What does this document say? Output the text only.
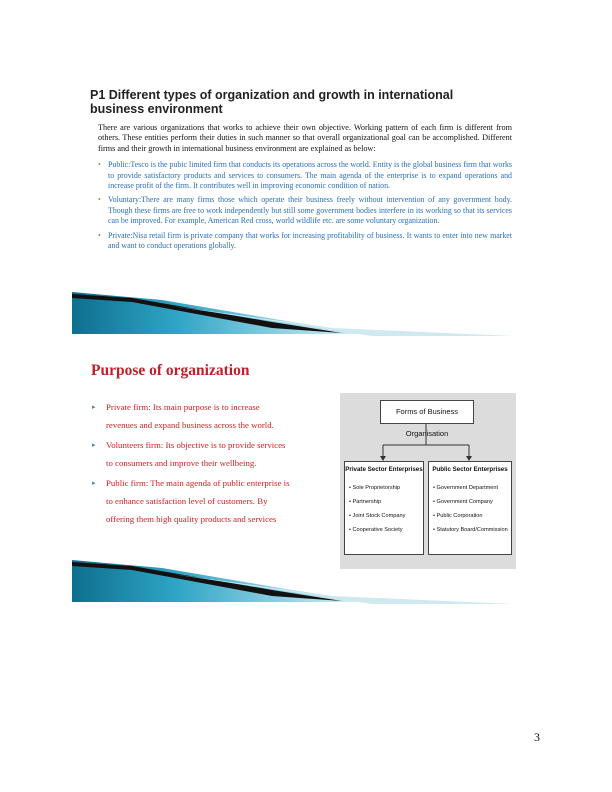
P1 Different types of organization and growth in international business environment

There are various organizations that works to achieve their own objective. Working pattern of each firm is different from others. These entities perform their duties in such manner so that overall organizational goal can be accomplished. Different firms and their growth in international business environment are explained as below:

• Public:Tesco is the pubic limited firm that conducts its operations across the world. Entity is the global business firm that works to provide satisfactory products and services to consumers. The main agenda of the enterprise is to expand operations and increase profit of the firm. It contributes well in improving economic condition of nation.
• Voluntary:There are many firms those which operate their business freely without intervention of any government body. Though these firms are free to work independently but still some government bodies interfere in its working so that its services can be improved. For example, American Red cross, world wildlife etc. are some voluntary organization.
• Private:Nisa retail firm is private company that works for increasing profitability of business. It wants to enter into new market and want to conduct operations globally.
Purpose of organization
▸ Private firm: Its main purpose is to increase
revenues and expand business across the world.
▸ Volunteers firm: Its objective is to provide services
to consumers and improve their wellbeing.
▸ Public firm: The main agenda of public enterprise is
to enhance satisfaction level of customers. By
offering them high quality products and services
Forms of Business Organisation
Private Sector Enterprises
• Sole Proprietorship
• Partnership
• Joint Stock Company
• Cooperative Society
Public Sector Enterprises
• Government Department
• Government Company
• Public Corporation
• Statutory Board/Commission
3
